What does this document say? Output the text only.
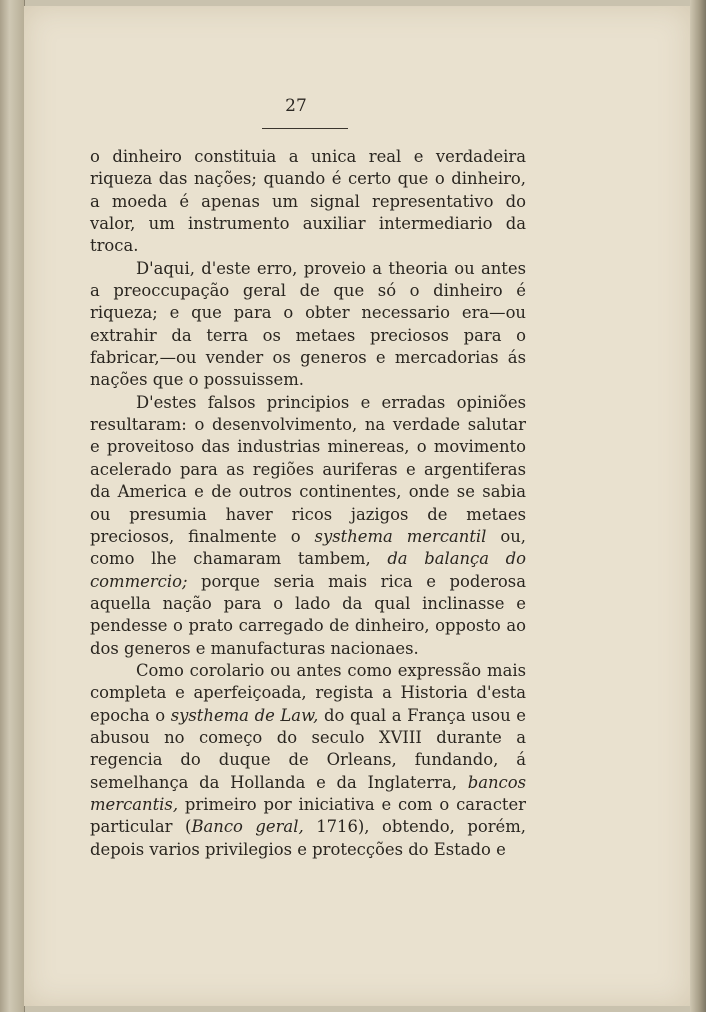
27

o dinheiro constituia a unica real e verdadeira riqueza das nações; quando é certo que o dinheiro, a moeda é apenas um signal representativo do valor, um instrumento auxiliar intermediario da troca.

D'aqui, d'este erro, proveio a theoria ou antes a preoccupação geral de que só o dinheiro é riqueza; e que para o obter necessario era—ou extrahir da terra os metaes preciosos para o fabricar,—ou vender os generos e mercadorias ás nações que o possuissem.

D'estes falsos principios e erradas opiniões resultaram: o desenvolvimento, na verdade salutar e proveitoso das industrias minereas, o movimento acelerado para as regiões auriferas e argentiferas da America e de outros continentes, onde se sabia ou presumia haver ricos jazigos de metaes preciosos, finalmente o systhema mercantil ou, como lhe chamaram tambem, da balança do commercio; porque seria mais rica e poderosa aquella nação para o lado da qual inclinasse e pendesse o prato carregado de dinheiro, opposto ao dos generos e manufacturas nacionaes.

Como corolario ou antes como expressão mais completa e aperfeiçoada, regista a Historia d'esta epocha o systhema de Law, do qual a França usou e abusou no começo do seculo XVIII durante a regencia do duque de Orleans, fundando, á semelhança da Hollanda e da Inglaterra, bancos mercantis, primeiro por iniciativa e com o caracter particular (Banco geral, 1716), obtendo, porém, depois varios privilegios e protecções do Estado e
